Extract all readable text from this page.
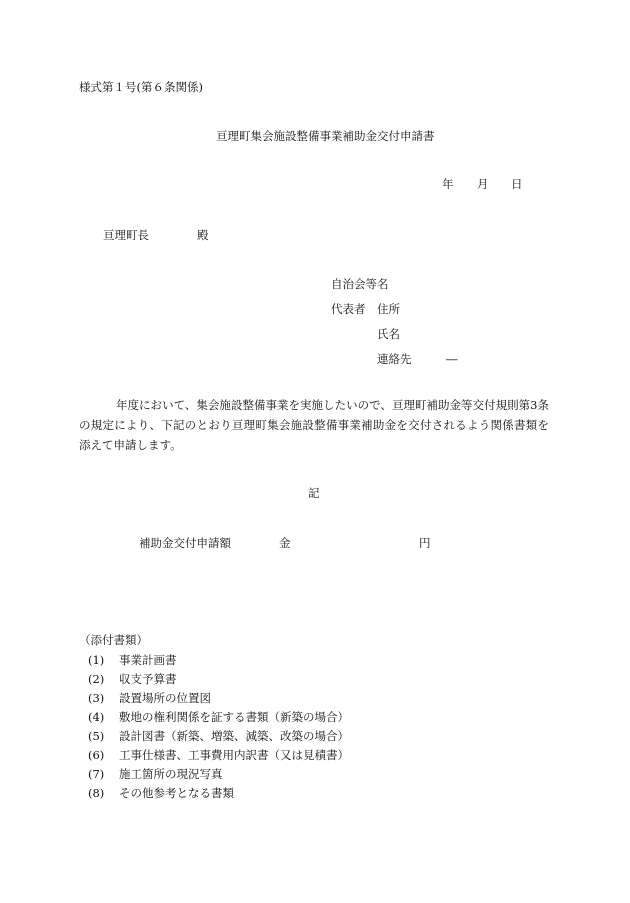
様式第１号(第６条関係)
亘理町集会施設整備事業補助金交付申請書
年 月 日
亘理町長	殿
自治会等名
代表者 住所
氏名
連絡先	―

年度において、集会施設整備事業を実施したいので、亘理町補助金等交付規則第3条の規定により、下記のとおり亘理町集会施設整備事業補助金を交付されるよう関係書類を添えて申請します。

記
補助金交付申請額	金	円
（添付書類）
(1) 事業計画書
(2) 収支予算書
(3) 設置場所の位置図
(4) 敷地の権利関係を証する書類（新築の場合）
(5) 設計図書（新築、増築、減築、改築の場合）
(6) 工事仕様書、工事費用内訳書（又は見積書）
(7) 施工箇所の現況写真
(8) その他参考となる書類
